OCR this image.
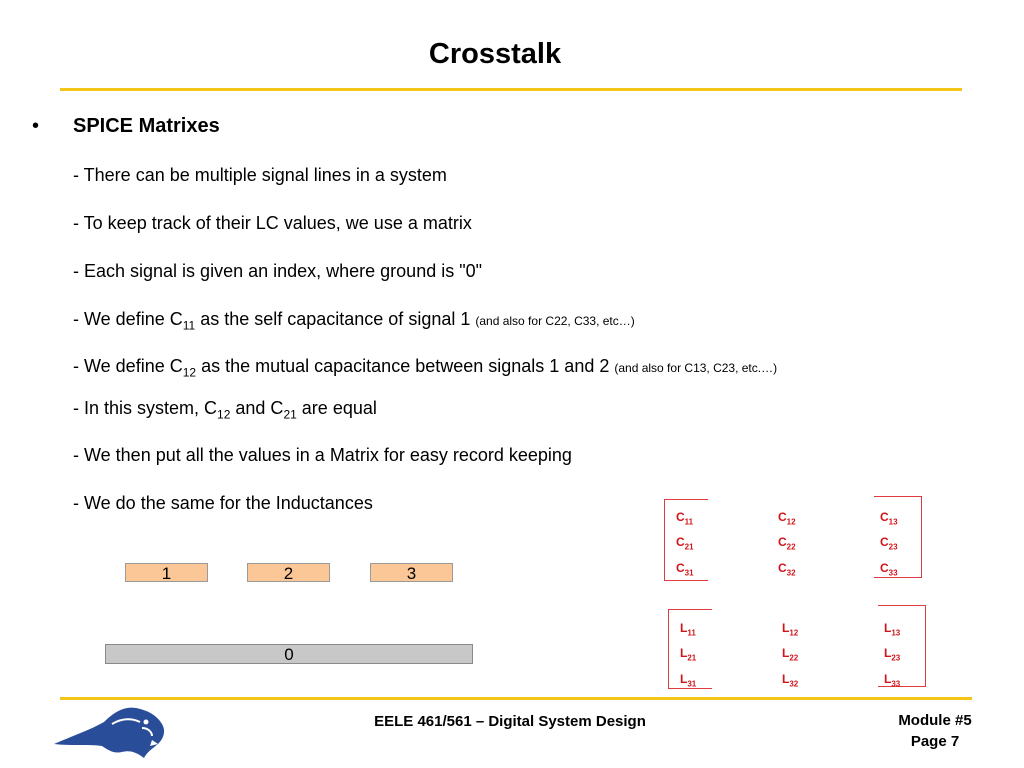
Crosstalk
• SPICE Matrixes
- There can be multiple signal lines in a system
- To keep track of their LC values, we use a matrix
- Each signal is given an index, where ground is "0"
- We define $C_{11}$ as the self capacitance of signal 1 (and also for C22, C33, etc…)
- We define $C_{12}$ as the mutual capacitance between signals 1 and 2 (and also for C13, C23, etc.…)
- In this system, $C_{12}$ and $C_{21}$ are equal
- We then put all the values in a Matrix for easy record keeping
- We do the same for the Inductances
1	2	3
0
$C_{11}$	$C_{12}$	$C_{13}$
$C_{21}$	$C_{22}$	$C_{23}$
$C_{31}$	$C_{32}$	$C_{33}$
$L_{11}$	$L_{12}$	$L_{13}$
$L_{21}$	$L_{22}$	$L_{23}$
$L_{31}$	$L_{32}$	$L_{33}$
EELE 461/561 – Digital System Design	Module #5
Page 7
